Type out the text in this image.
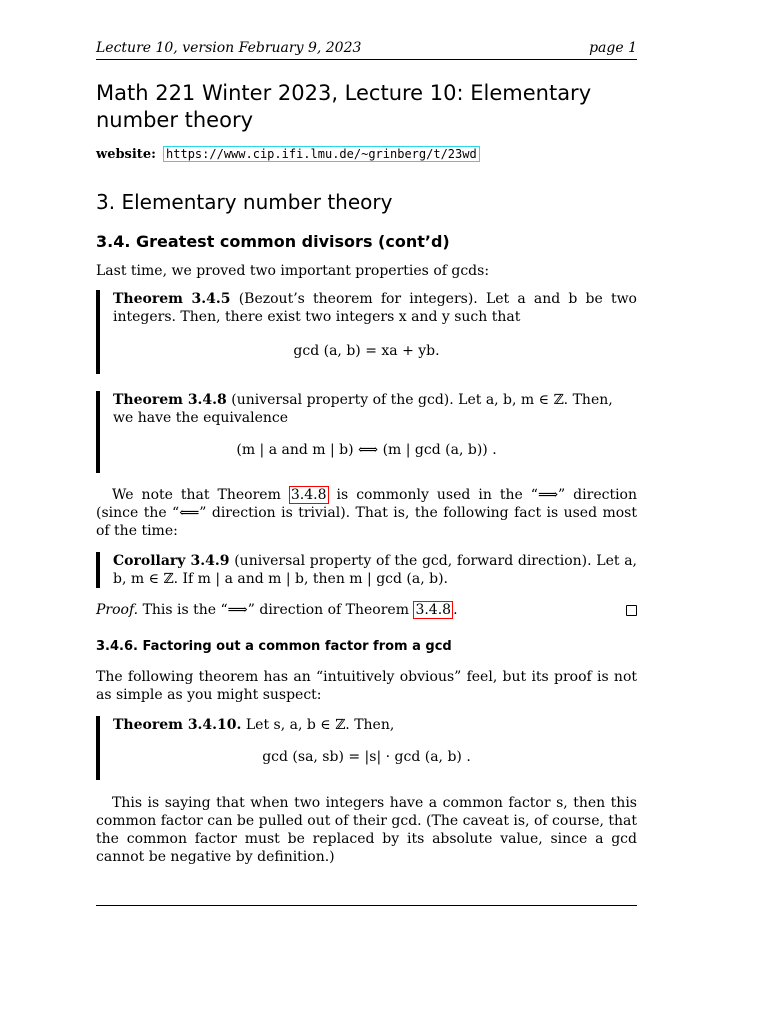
Lecture 10, version February 9, 2023	page 1
Math 221 Winter 2023, Lecture 10: Elementary number theory
website: https://www.cip.ifi.lmu.de/~grinberg/t/23wd
3. Elementary number theory
3.4. Greatest common divisors (cont’d)
Last time, we proved two important properties of gcds:
Theorem 3.4.5 (Bezout’s theorem for integers). Let a and b be two integers. Then, there exist two integers x and y such that
gcd (a, b) = xa + yb.
Theorem 3.4.8 (universal property of the gcd). Let a, b, m ∈ ℤ. Then, we have the equivalence
(m | a and m | b) ⟺ (m | gcd (a, b)) .
We note that Theorem 3.4.8 is commonly used in the “⟹” direction (since the “⟸” direction is trivial). That is, the following fact is used most of the time:
Corollary 3.4.9 (universal property of the gcd, forward direction). Let a, b, m ∈ ℤ. If m | a and m | b, then m | gcd (a, b).
Proof. This is the “⟹” direction of Theorem 3.4.8 .
3.4.6. Factoring out a common factor from a gcd
The following theorem has an “intuitively obvious” feel, but its proof is not as simple as you might suspect:
Theorem 3.4.10. Let s, a, b ∈ ℤ. Then,
gcd (sa, sb) = |s| · gcd (a, b) .
This is saying that when two integers have a common factor s, then this common factor can be pulled out of their gcd. (The caveat is, of course, that the common factor must be replaced by its absolute value, since a gcd cannot be negative by definition.)
